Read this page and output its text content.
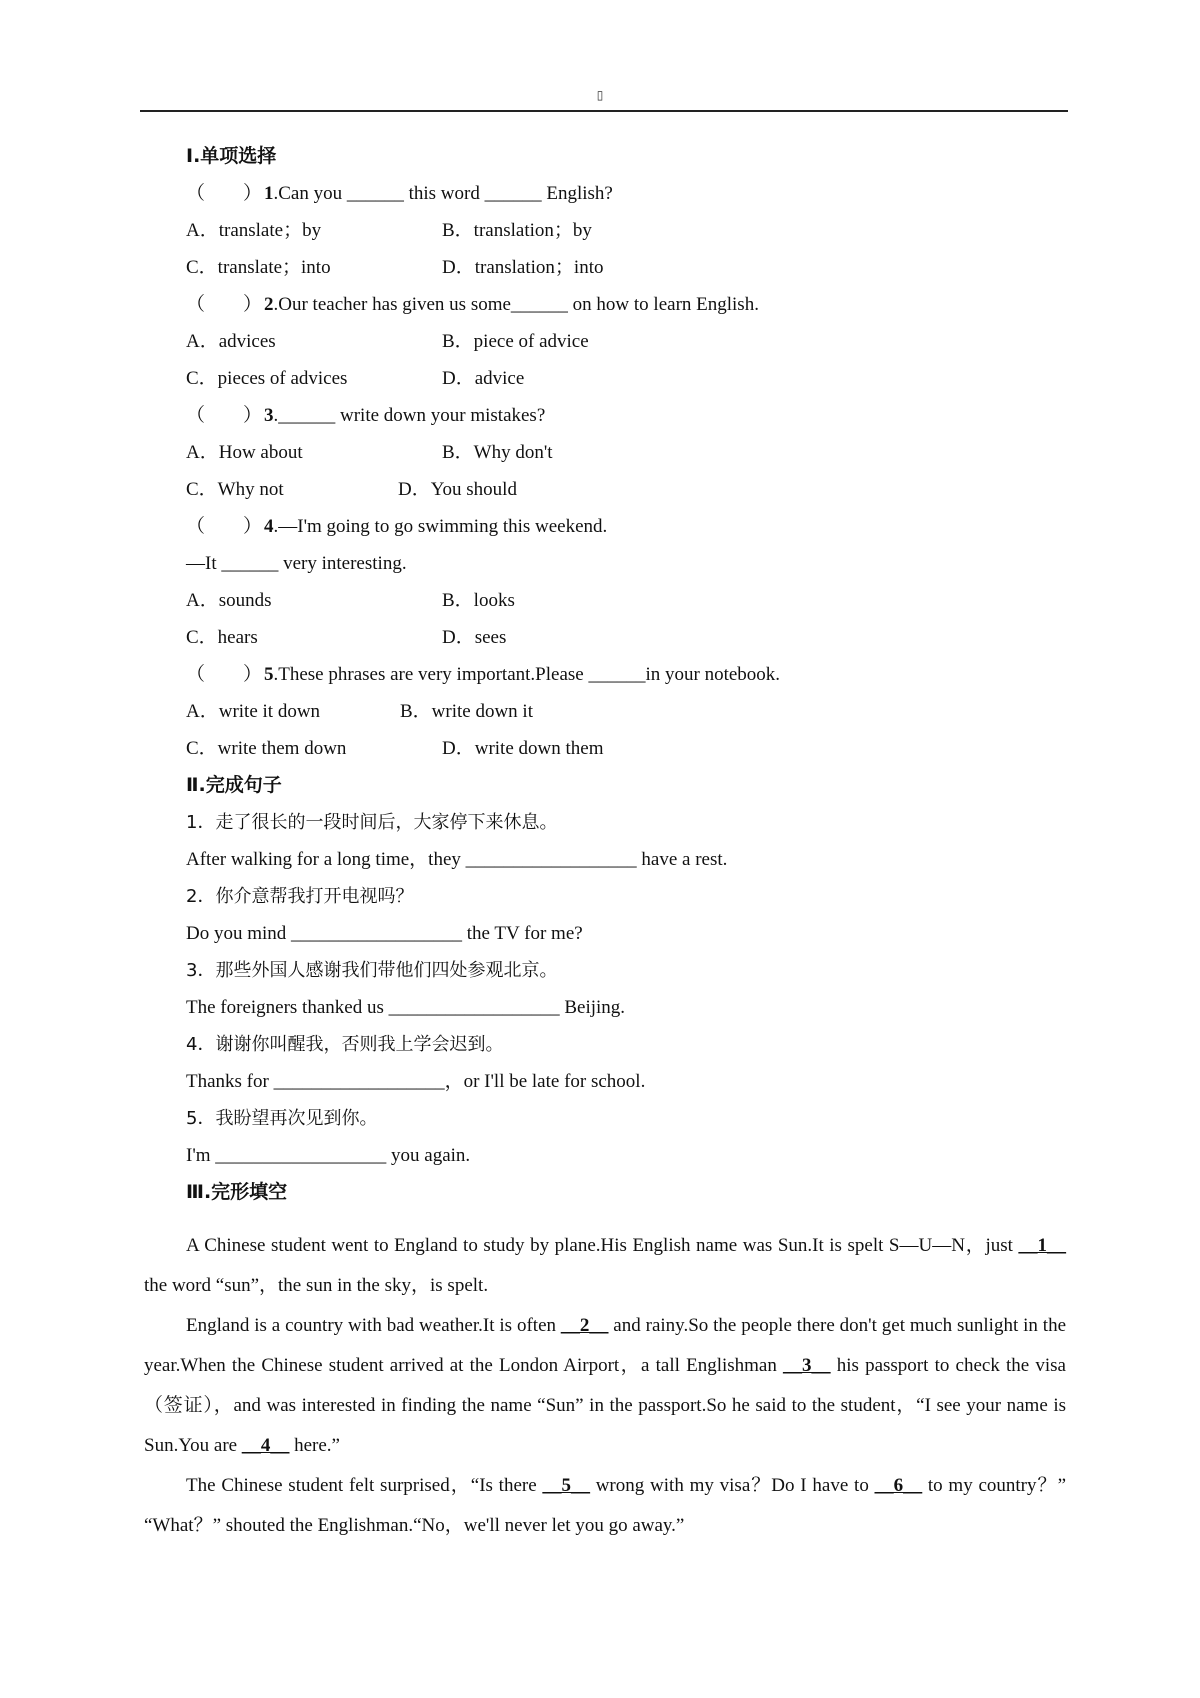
▯
Ⅰ.单项选择
（　　） 1.Can you ______ this word ______ English?
A．translate；by	B．translation；by
C．translate；into	D．translation；into
（　　） 2.Our teacher has given us some______ on how to learn English.
A．advices	B．piece of advice
C．pieces of advices	D．advice
（　　） 3.______ write down your mistakes?
A．How about	B．Why don't
C．Why not	D．You should
（　　） 4.—I'm going to go swimming this weekend.
—It ______ very interesting.
A．sounds	B．looks
C．hears	D．sees
（　　） 5.These phrases are very important.Please ______in your notebook.
A．write it down	B．write down it
C．write them down	D．write down them
Ⅱ.完成句子
1．走了很长的一段时间后，大家停下来休息。
After walking for a long time，they __________________ have a rest.
2．你介意帮我打开电视吗？
Do you mind __________________ the TV for me?
3．那些外国人感谢我们带他们四处参观北京。
The foreigners thanked us __________________ Beijing.
4．谢谢你叫醒我，否则我上学会迟到。
Thanks for __________________，or I'll be late for school.
5．我盼望再次见到你。
I'm __________________ you again.
Ⅲ.完形填空

A Chinese student went to England to study by plane.His English name was Sun.It is spelt S—U—N，just __1__ the word “sun”，the sun in the sky，is spelt.

England is a country with bad weather.It is often __2__ and rainy.So the people there don't get much sunlight in the year.When the Chinese student arrived at the London Airport，a tall Englishman __3__ his passport to check the visa（签证），and was interested in finding the name “Sun” in the passport.So he said to the student，“I see your name is Sun.You are __4__ here.”

The Chinese student felt surprised，“Is there __5__ wrong with my visa？Do I have to __6__ to my country？” “What？” shouted the Englishman.“No，we'll never let you go away.”
